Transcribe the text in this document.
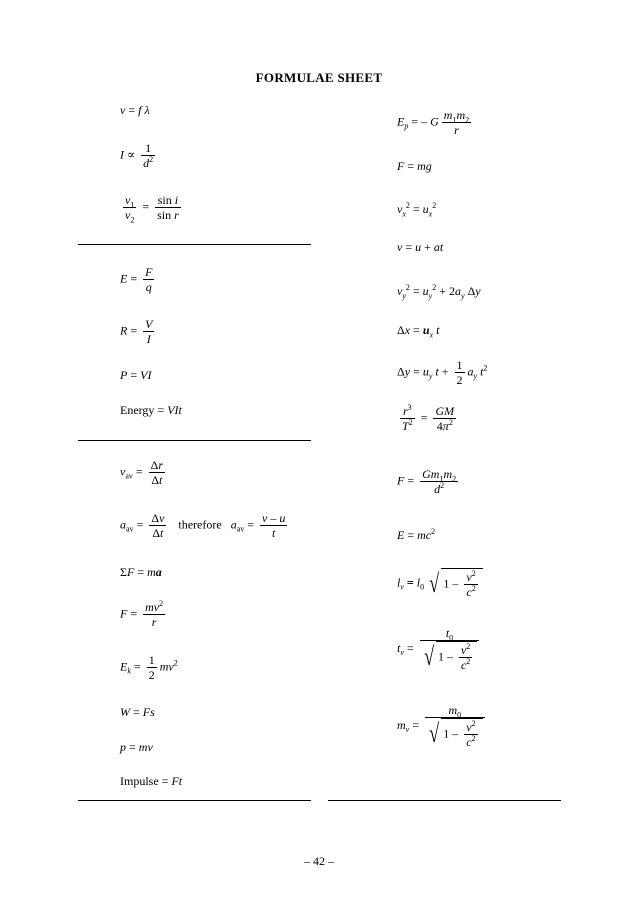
FORMULAE SHEET
v = f λ
$I \propto \frac{1}{d^2}$
$\frac{v_1}{v_2} = \frac{\text{sin i}}{\text{sin r}}$
$E = \frac{F}{q}$
$R = \frac{V}{I}$
P = VI
Energy = VIt
$v_{av} = \frac{\Delta r}{\Delta t}$
$a_{av} = \frac{\Delta v}{\Delta t}$ therefore $a_{av} = \frac{v - u}{t}$
ΣF = ma
$F = \frac{mv^2}{r}$
$E_k = \frac{1}{2} mv^2$
W = Fs
p = mv
Impulse = Ft
$E_p$ = – G $\frac{m_1m_2}{r}$
F = mg
$v_x^2 = u_x^2$
v = u + at
$v_y^2 = u_y^2 + 2a_y$ Δy
$\Delta x = u_x$ t
$\Delta y = u_y$ $t + \frac{1}{2} a_y$ $t^2$
$\frac{r^3}{T^2} = \frac{GM}{4\pi^2}$
$F = \frac{Gm_1m_2}{d^2}$
$E = mc^2$
$l_v = l_0$ √ $1 - \frac{v^2}{c^2}$
$t_v = \frac{t_0}{√ 1 - \frac{v^2}{c^2}}$
$m_v = \frac{m_0}{√ 1 - \frac{v^2}{c^2}}$
– 42 –
